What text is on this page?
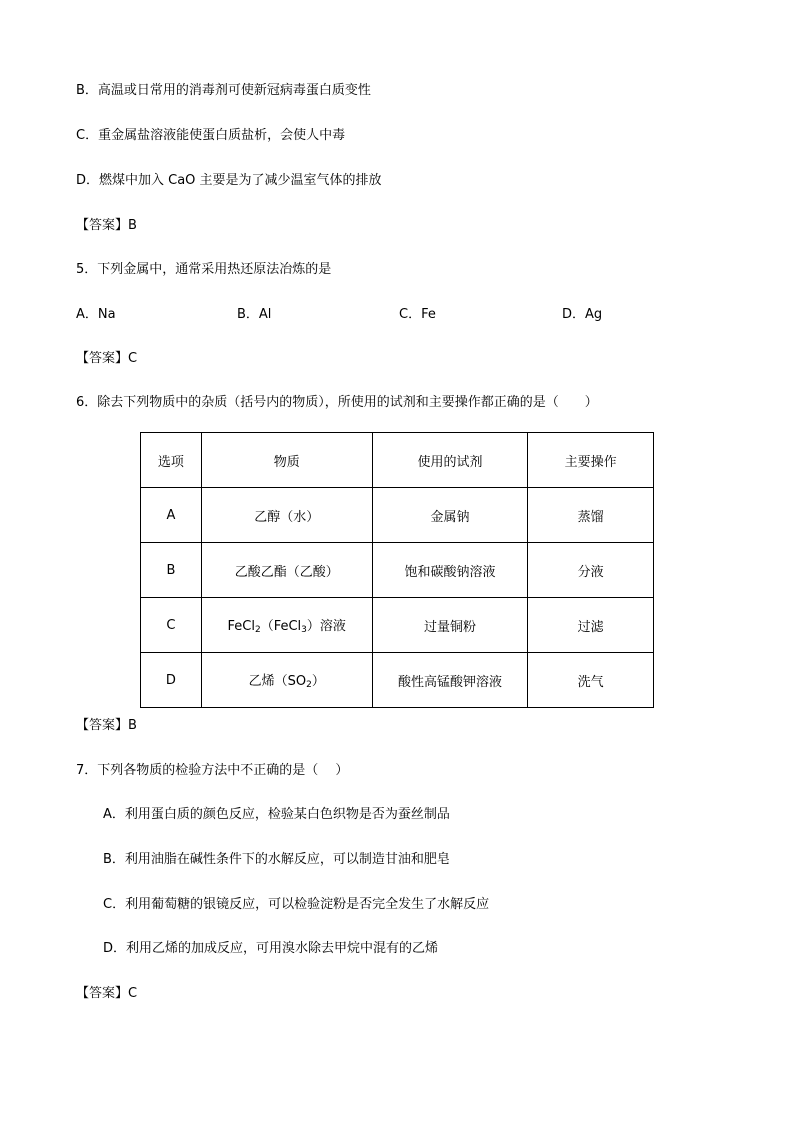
B．高温或日常用的消毒剂可使新冠病毒蛋白质变性
C．重金属盐溶液能使蛋白质盐析，会使人中毒
D．燃煤中加入 CaO 主要是为了减少温室气体的排放
【答案】B
5．下列金属中，通常采用热还原法冶炼的是
A．Na	B．Al	C．Fe	D．Ag
【答案】C
6．除去下列物质中的杂质（括号内的物质），所使用的试剂和主要操作都正确的是（　　）
选项	物质	使用的试剂	主要操作
A	乙醇（水）	金属钠	蒸馏
B	乙酸乙酯（乙酸）	饱和碳酸钠溶液	分液
C	FeCl$_2$（FeCl$_3$）溶液	过量铜粉	过滤
D	乙烯$(SO_2)$	酸性高锰酸钾溶液	洗气
【答案】B
7．下列各物质的检验方法中不正确的是（　 ）
A．利用蛋白质的颜色反应，检验某白色织物是否为蚕丝制品
B．利用油脂在碱性条件下的水解反应，可以制造甘油和肥皂
C．利用葡萄糖的银镜反应，可以检验淀粉是否完全发生了水解反应
D．利用乙烯的加成反应，可用溴水除去甲烷中混有的乙烯
【答案】C
